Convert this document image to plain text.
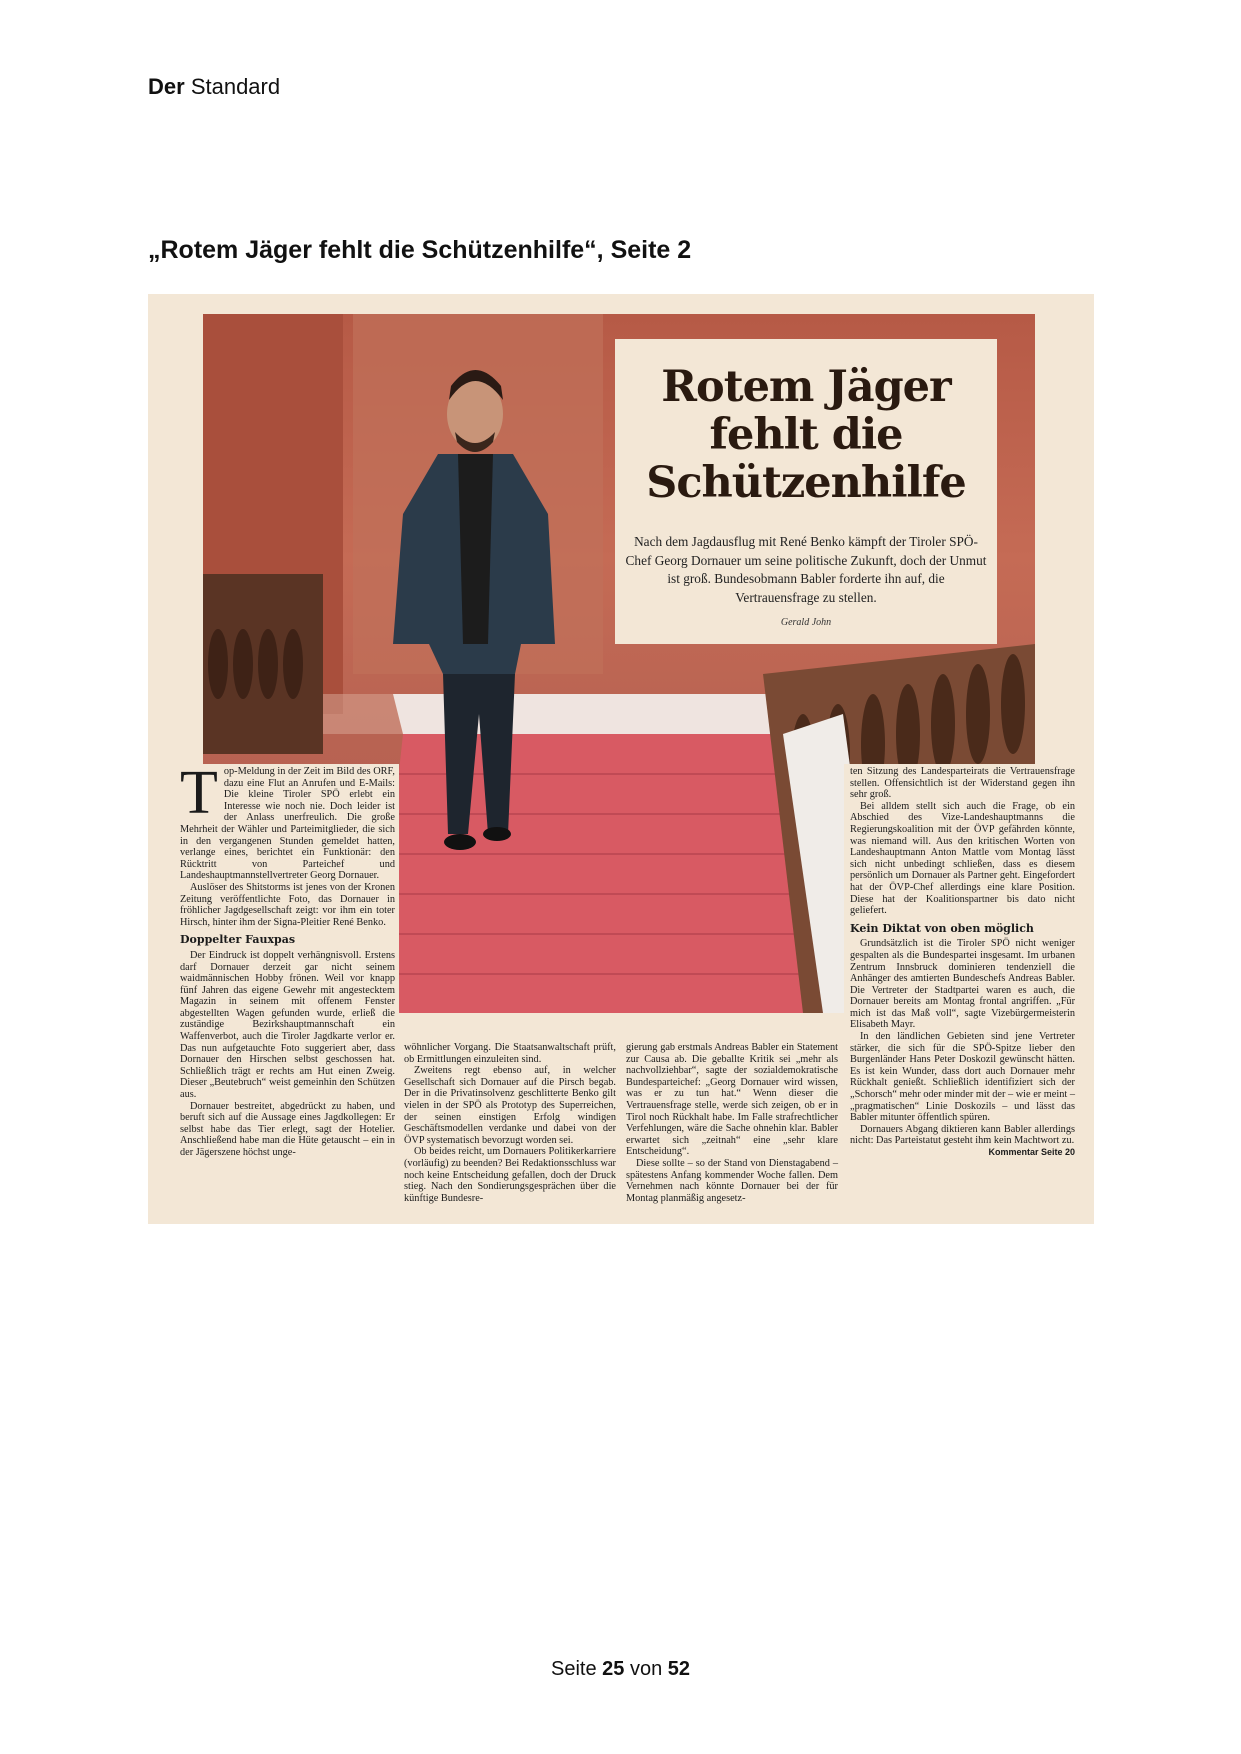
Der Standard
„Rotem Jäger fehlt die Schützenhilfe“, Seite 2
Rotem Jäger
fehlt die
Schützenhilfe
Nach dem Jagdausflug mit René Benko kämpft der Tiroler SPÖ-Chef Georg Dornauer um seine politische Zukunft, doch der Unmut ist groß. Bundesobmann Babler forderte ihn auf, die Vertrauensfrage zu stellen.
Gerald John

Top-Meldung in der Zeit im Bild des ORF, dazu eine Flut an Anrufen und E-Mails: Die kleine Tiroler SPÖ erlebt ein Interesse wie noch nie. Doch leider ist der Anlass unerfreulich. Die große Mehrheit der Wähler und Parteimitglieder, die sich in den vergangenen Stunden gemeldet hatten, verlange eines, berichtet ein Funktionär: den Rücktritt von Parteichef und Landeshauptmannstellvertreter Georg Dornauer.

Auslöser des Shitstorms ist jenes von der Kronen Zeitung veröffentlichte Foto, das Dornauer in fröhlicher Jagdgesellschaft zeigt: vor ihm ein toter Hirsch, hinter ihm der Signa-Pleitier René Benko.

Doppelter Fauxpas

Der Eindruck ist doppelt verhängnisvoll. Erstens darf Dornauer derzeit gar nicht seinem waidmännischen Hobby frönen. Weil vor knapp fünf Jahren das eigene Gewehr mit angestecktem Magazin in seinem mit offenem Fenster abgestellten Wagen gefunden wurde, erließ die zuständige Bezirkshauptmannschaft ein Waffenverbot, auch die Tiroler Jagdkarte verlor er. Das nun aufgetauchte Foto suggeriert aber, dass Dornauer den Hirschen selbst geschossen hat. Schließlich trägt er rechts am Hut einen Zweig. Dieser „Beutebruch“ weist gemeinhin den Schützen aus.

Dornauer bestreitet, abgedrückt zu haben, und beruft sich auf die Aussage eines Jagdkollegen: Er selbst habe das Tier erlegt, sagt der Hotelier. Anschließend habe man die Hüte getauscht – ein in der Jägerszene höchst unge-

wöhnlicher Vorgang. Die Staatsanwaltschaft prüft, ob Ermittlungen einzuleiten sind.

Zweitens regt ebenso auf, in welcher Gesellschaft sich Dornauer auf die Pirsch begab. Der in die Privatinsolvenz geschlitterte Benko gilt vielen in der SPÖ als Prototyp des Superreichen, der seinen einstigen Erfolg windigen Geschäftsmodellen verdanke und dabei von der ÖVP systematisch bevorzugt worden sei.

Ob beides reicht, um Dornauers Politikerkarriere (vorläufig) zu beenden? Bei Redaktionsschluss war noch keine Entscheidung gefallen, doch der Druck stieg. Nach den Sondierungsgesprächen über die künftige Bundesre-

gierung gab erstmals Andreas Babler ein Statement zur Causa ab. Die geballte Kritik sei „mehr als nachvollziehbar“, sagte der sozialdemokratische Bundesparteichef: „Georg Dornauer wird wissen, was er zu tun hat.“ Wenn dieser die Vertrauensfrage stelle, werde sich zeigen, ob er in Tirol noch Rückhalt habe. Im Falle strafrechtlicher Verfehlungen, wäre die Sache ohnehin klar. Babler erwartet sich „zeitnah“ eine „sehr klare Entscheidung“.

Diese sollte – so der Stand von Dienstagabend – spätestens Anfang kommender Woche fallen. Dem Vernehmen nach könnte Dornauer bei der für Montag planmäßig angesetz-

ten Sitzung des Landesparteirats die Vertrauensfrage stellen. Offensichtlich ist der Widerstand gegen ihn sehr groß.

Bei alldem stellt sich auch die Frage, ob ein Abschied des Vize-Landeshauptmanns die Regierungskoalition mit der ÖVP gefährden könnte, was niemand will. Aus den kritischen Worten von Landeshauptmann Anton Mattle vom Montag lässt sich nicht unbedingt schließen, dass es diesem persönlich um Dornauer als Partner geht. Eingefordert hat der ÖVP-Chef allerdings eine klare Position. Diese hat der Koalitionspartner bis dato nicht geliefert.

Kein Diktat von oben möglich

Grundsätzlich ist die Tiroler SPÖ nicht weniger gespalten als die Bundespartei insgesamt. Im urbanen Zentrum Innsbruck dominieren tendenziell die Anhänger des amtierten Bundeschefs Andreas Babler. Die Vertreter der Stadtpartei waren es auch, die Dornauer bereits am Montag frontal angriffen. „Für mich ist das Maß voll“, sagte Vizebürgermeisterin Elisabeth Mayr.

In den ländlichen Gebieten sind jene Vertreter stärker, die sich für die SPÖ-Spitze lieber den Burgenländer Hans Peter Doskozil gewünscht hätten. Es ist kein Wunder, dass dort auch Dornauer mehr Rückhalt genießt. Schließlich identifiziert sich der „Schorsch“ mehr oder minder mit der – wie er meint – „pragmatischen“ Linie Doskozils – und lässt das Babler mitunter öffentlich spüren.

Dornauers Abgang diktieren kann Babler allerdings nicht: Das Parteistatut gesteht ihm kein Machtwort zu.
Kommentar Seite 20

Seite 25 von 52
